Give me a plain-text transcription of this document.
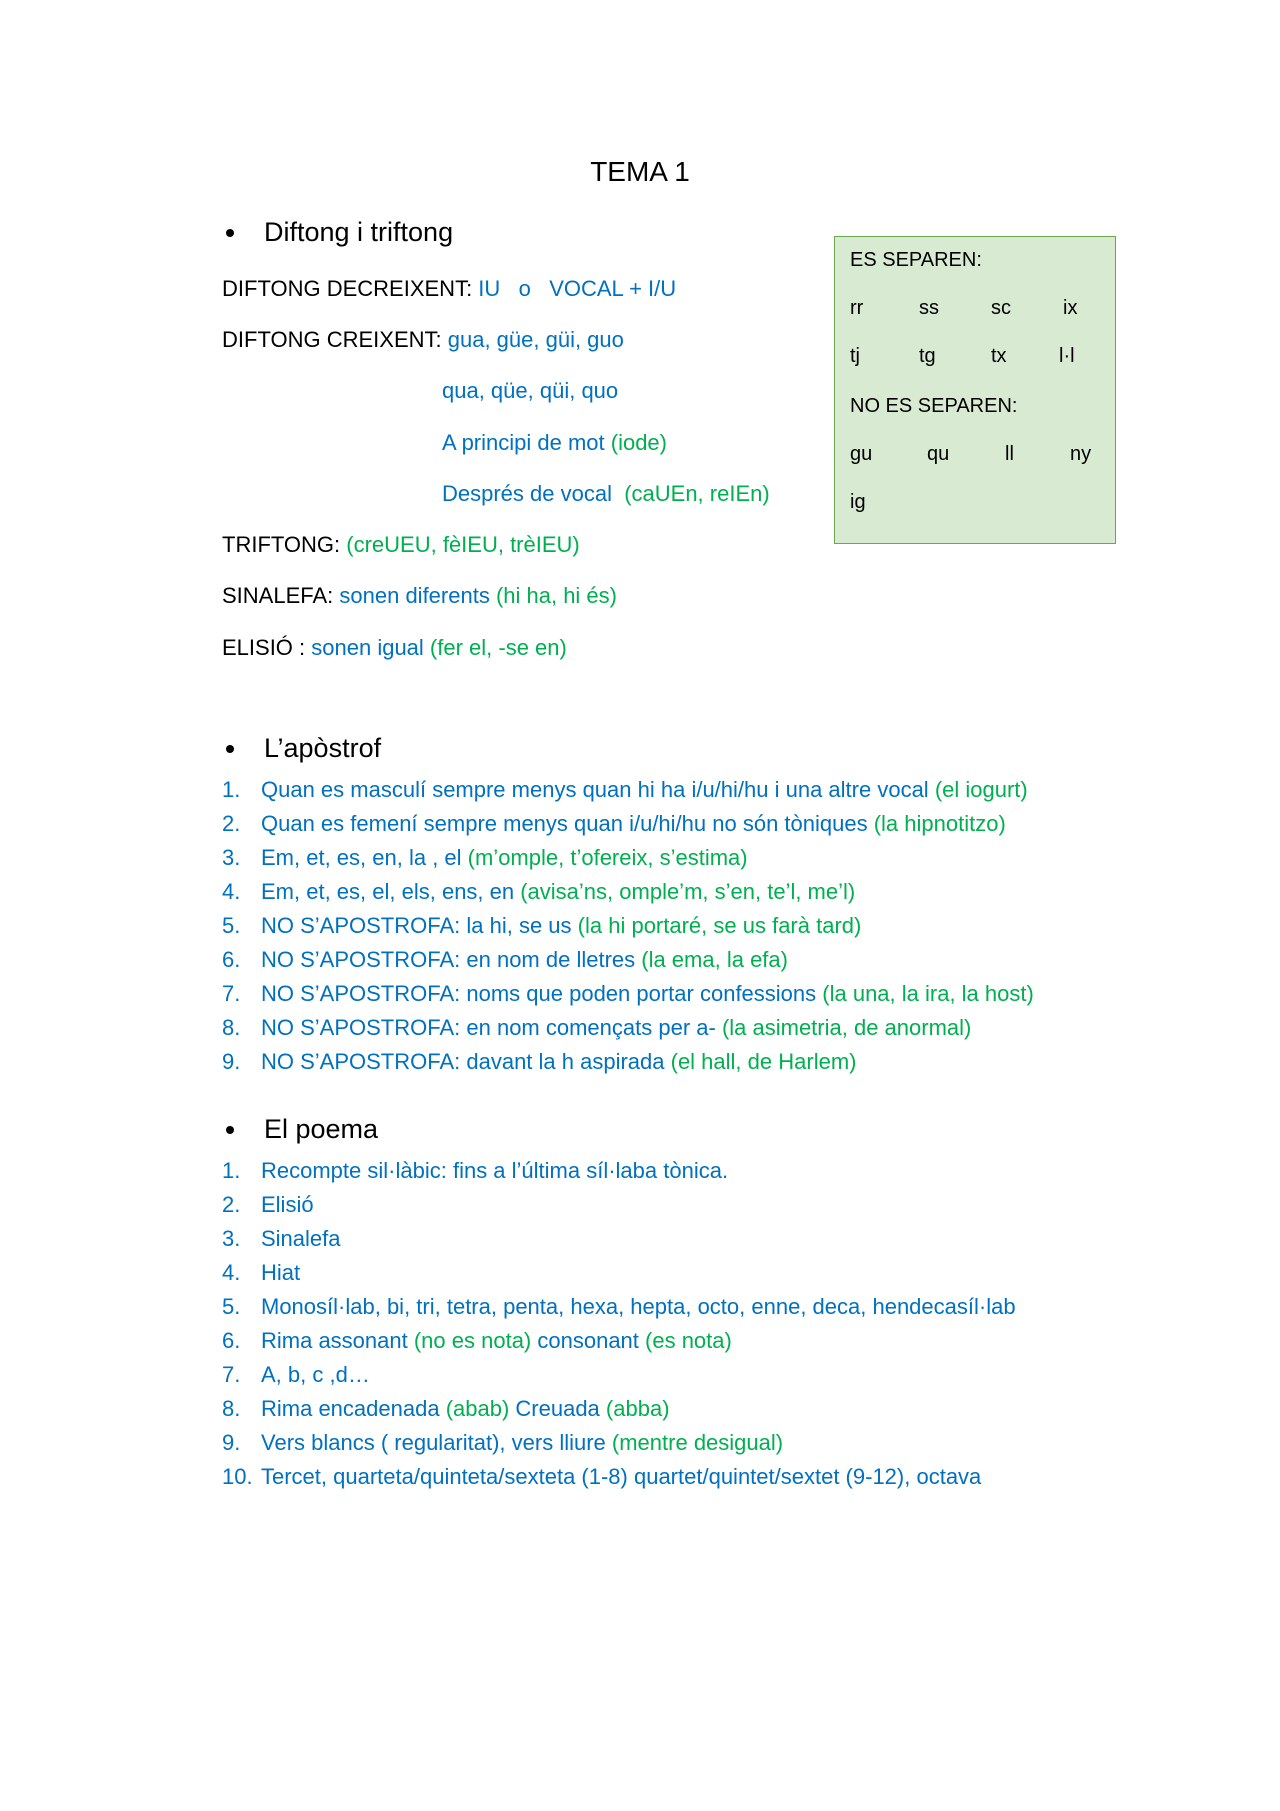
TEMA 1
Diftong i triftong
DIFTONG DECREIXENT: IU   o   VOCAL + I/U
DIFTONG CREIXENT: gua, güe, güi, guo
qua, qüe, qüi, quo
A principi de mot (iode)
Després de vocal  (caUEn, reIEn)
TRIFTONG: (creUEU, fèIEU, trèIEU)
SINALEFA: sonen diferents (hi ha, hi és)
ELISIÓ : sonen igual (fer el, -se en)
ES SEPAREN:
rr	ss	sc	ix
tj	tg	tx	l·l
NO ES SEPAREN:
gu	qu	ll	ny
ig
L’apòstrof
1. Quan es masculí sempre menys quan hi ha i/u/hi/hu i una altre vocal (el iogurt)
2. Quan es femení sempre menys quan i/u/hi/hu no són tòniques (la hipnotitzo)
3. Em, et, es, en, la , el (m’omple, t’ofereix, s’estima)
4. Em, et, es, el, els, ens, en (avisa’ns, omple’m, s’en, te’l, me’l)
5. NO S’APOSTROFA: la hi, se us (la hi portaré, se us farà tard)
6. NO S’APOSTROFA: en nom de lletres (la ema, la efa)
7. NO S’APOSTROFA: noms que poden portar confessions (la una, la ira, la host)
8. NO S’APOSTROFA: en nom començats per a- (la asimetria, de anormal)
9. NO S’APOSTROFA: davant la h aspirada (el hall, de Harlem)
El poema
1. Recompte sil·làbic: fins a l’última síl·laba tònica.
2. Elisió
3. Sinalefa
4. Hiat
5. Monosíl·lab, bi, tri, tetra, penta, hexa, hepta, octo, enne, deca, hendecasíl·lab
6. Rima assonant (no es nota) consonant (es nota)
7. A, b, c ,d…
8. Rima encadenada (abab) Creuada (abba)
9. Vers blancs ( regularitat), vers lliure (mentre desigual)
10. Tercet, quarteta/quinteta/sexteta (1-8) quartet/quintet/sextet (9-12), octava
